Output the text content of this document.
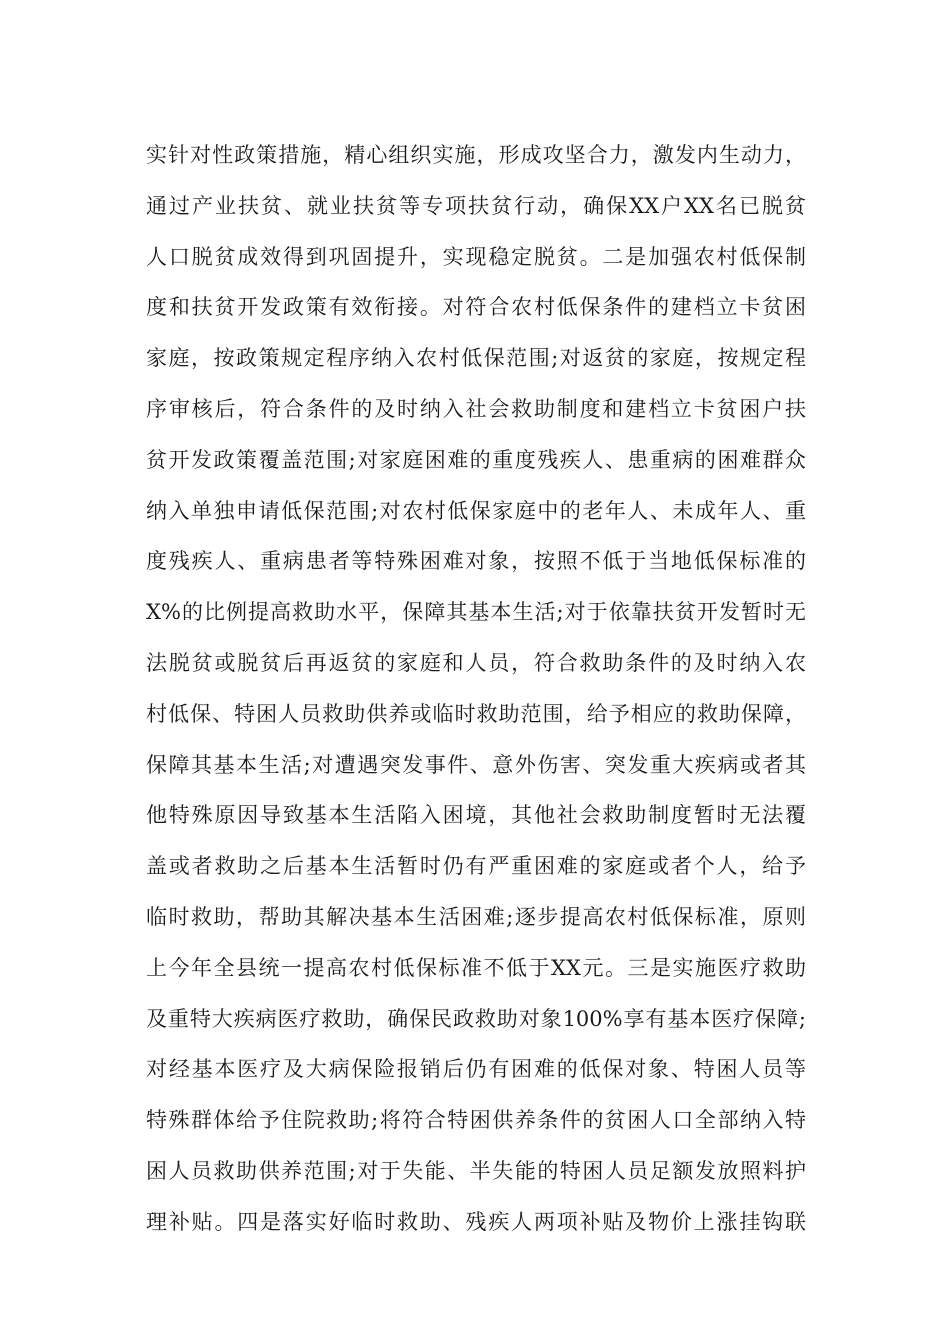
实针对性政策措施，精心组织实施，形成攻坚合力，激发内生动力，
通过产业扶贫、就业扶贫等专项扶贫行动，确保XX户XX名已脱贫
人口脱贫成效得到巩固提升，实现稳定脱贫。二是加强农村低保制
度和扶贫开发政策有效衔接。对符合农村低保条件的建档立卡贫困
家庭，按政策规定程序纳入农村低保范围;对返贫的家庭，按规定程
序审核后，符合条件的及时纳入社会救助制度和建档立卡贫困户扶
贫开发政策覆盖范围;对家庭困难的重度残疾人、患重病的困难群众
纳入单独申请低保范围;对农村低保家庭中的老年人、未成年人、重
度残疾人、重病患者等特殊困难对象，按照不低于当地低保标准的
X%的比例提高救助水平，保障其基本生活;对于依靠扶贫开发暂时无
法脱贫或脱贫后再返贫的家庭和人员，符合救助条件的及时纳入农
村低保、特困人员救助供养或临时救助范围，给予相应的救助保障，
保障其基本生活;对遭遇突发事件、意外伤害、突发重大疾病或者其
他特殊原因导致基本生活陷入困境，其他社会救助制度暂时无法覆
盖或者救助之后基本生活暂时仍有严重困难的家庭或者个人，给予
临时救助，帮助其解决基本生活困难;逐步提高农村低保标准，原则
上今年全县统一提高农村低保标准不低于XX元。三是实施医疗救助
及重特大疾病医疗救助，确保民政救助对象100%享有基本医疗保障;
对经基本医疗及大病保险报销后仍有困难的低保对象、特困人员等
特殊群体给予住院救助;将符合特困供养条件的贫困人口全部纳入特
困人员救助供养范围;对于失能、半失能的特困人员足额发放照料护
理补贴。四是落实好临时救助、残疾人两项补贴及物价上涨挂钩联
